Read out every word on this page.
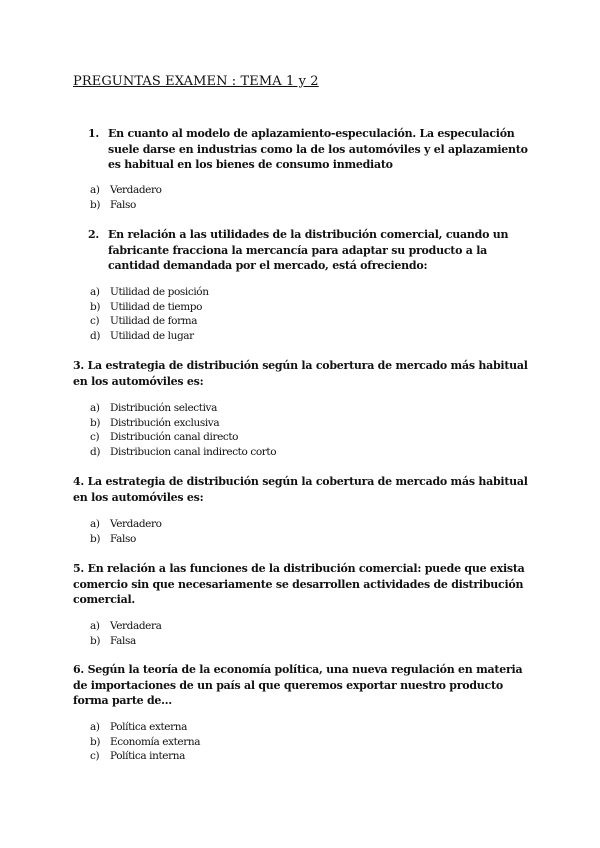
PREGUNTAS EXAMEN : TEMA 1 y 2
1. En cuanto al modelo de aplazamiento-especulación. La especulación suele darse en industrias como la de los automóviles y el aplazamiento es habitual en los bienes de consumo inmediato
a) Verdadero
b) Falso
2. En relación a las utilidades de la distribución comercial, cuando un fabricante fracciona la mercancía para adaptar su producto a la cantidad demandada por el mercado, está ofreciendo:
a) Utilidad de posición
b) Utilidad de tiempo
c) Utilidad de forma
d) Utilidad de lugar
3. La estrategia de distribución según la cobertura de mercado más habitual en los automóviles es:
a) Distribución selectiva
b) Distribución exclusiva
c) Distribución canal directo
d) Distribucion canal indirecto corto
4. La estrategia de distribución según la cobertura de mercado más habitual en los automóviles es:
a) Verdadero
b) Falso
5. En relación a las funciones de la distribución comercial: puede que exista comercio sin que necesariamente se desarrollen actividades de distribución comercial.
a) Verdadera
b) Falsa
6. Según la teoría de la economía política, una nueva regulación en materia de importaciones de un país al que queremos exportar nuestro producto forma parte de…
a) Política externa
b) Economía externa
c) Política interna
